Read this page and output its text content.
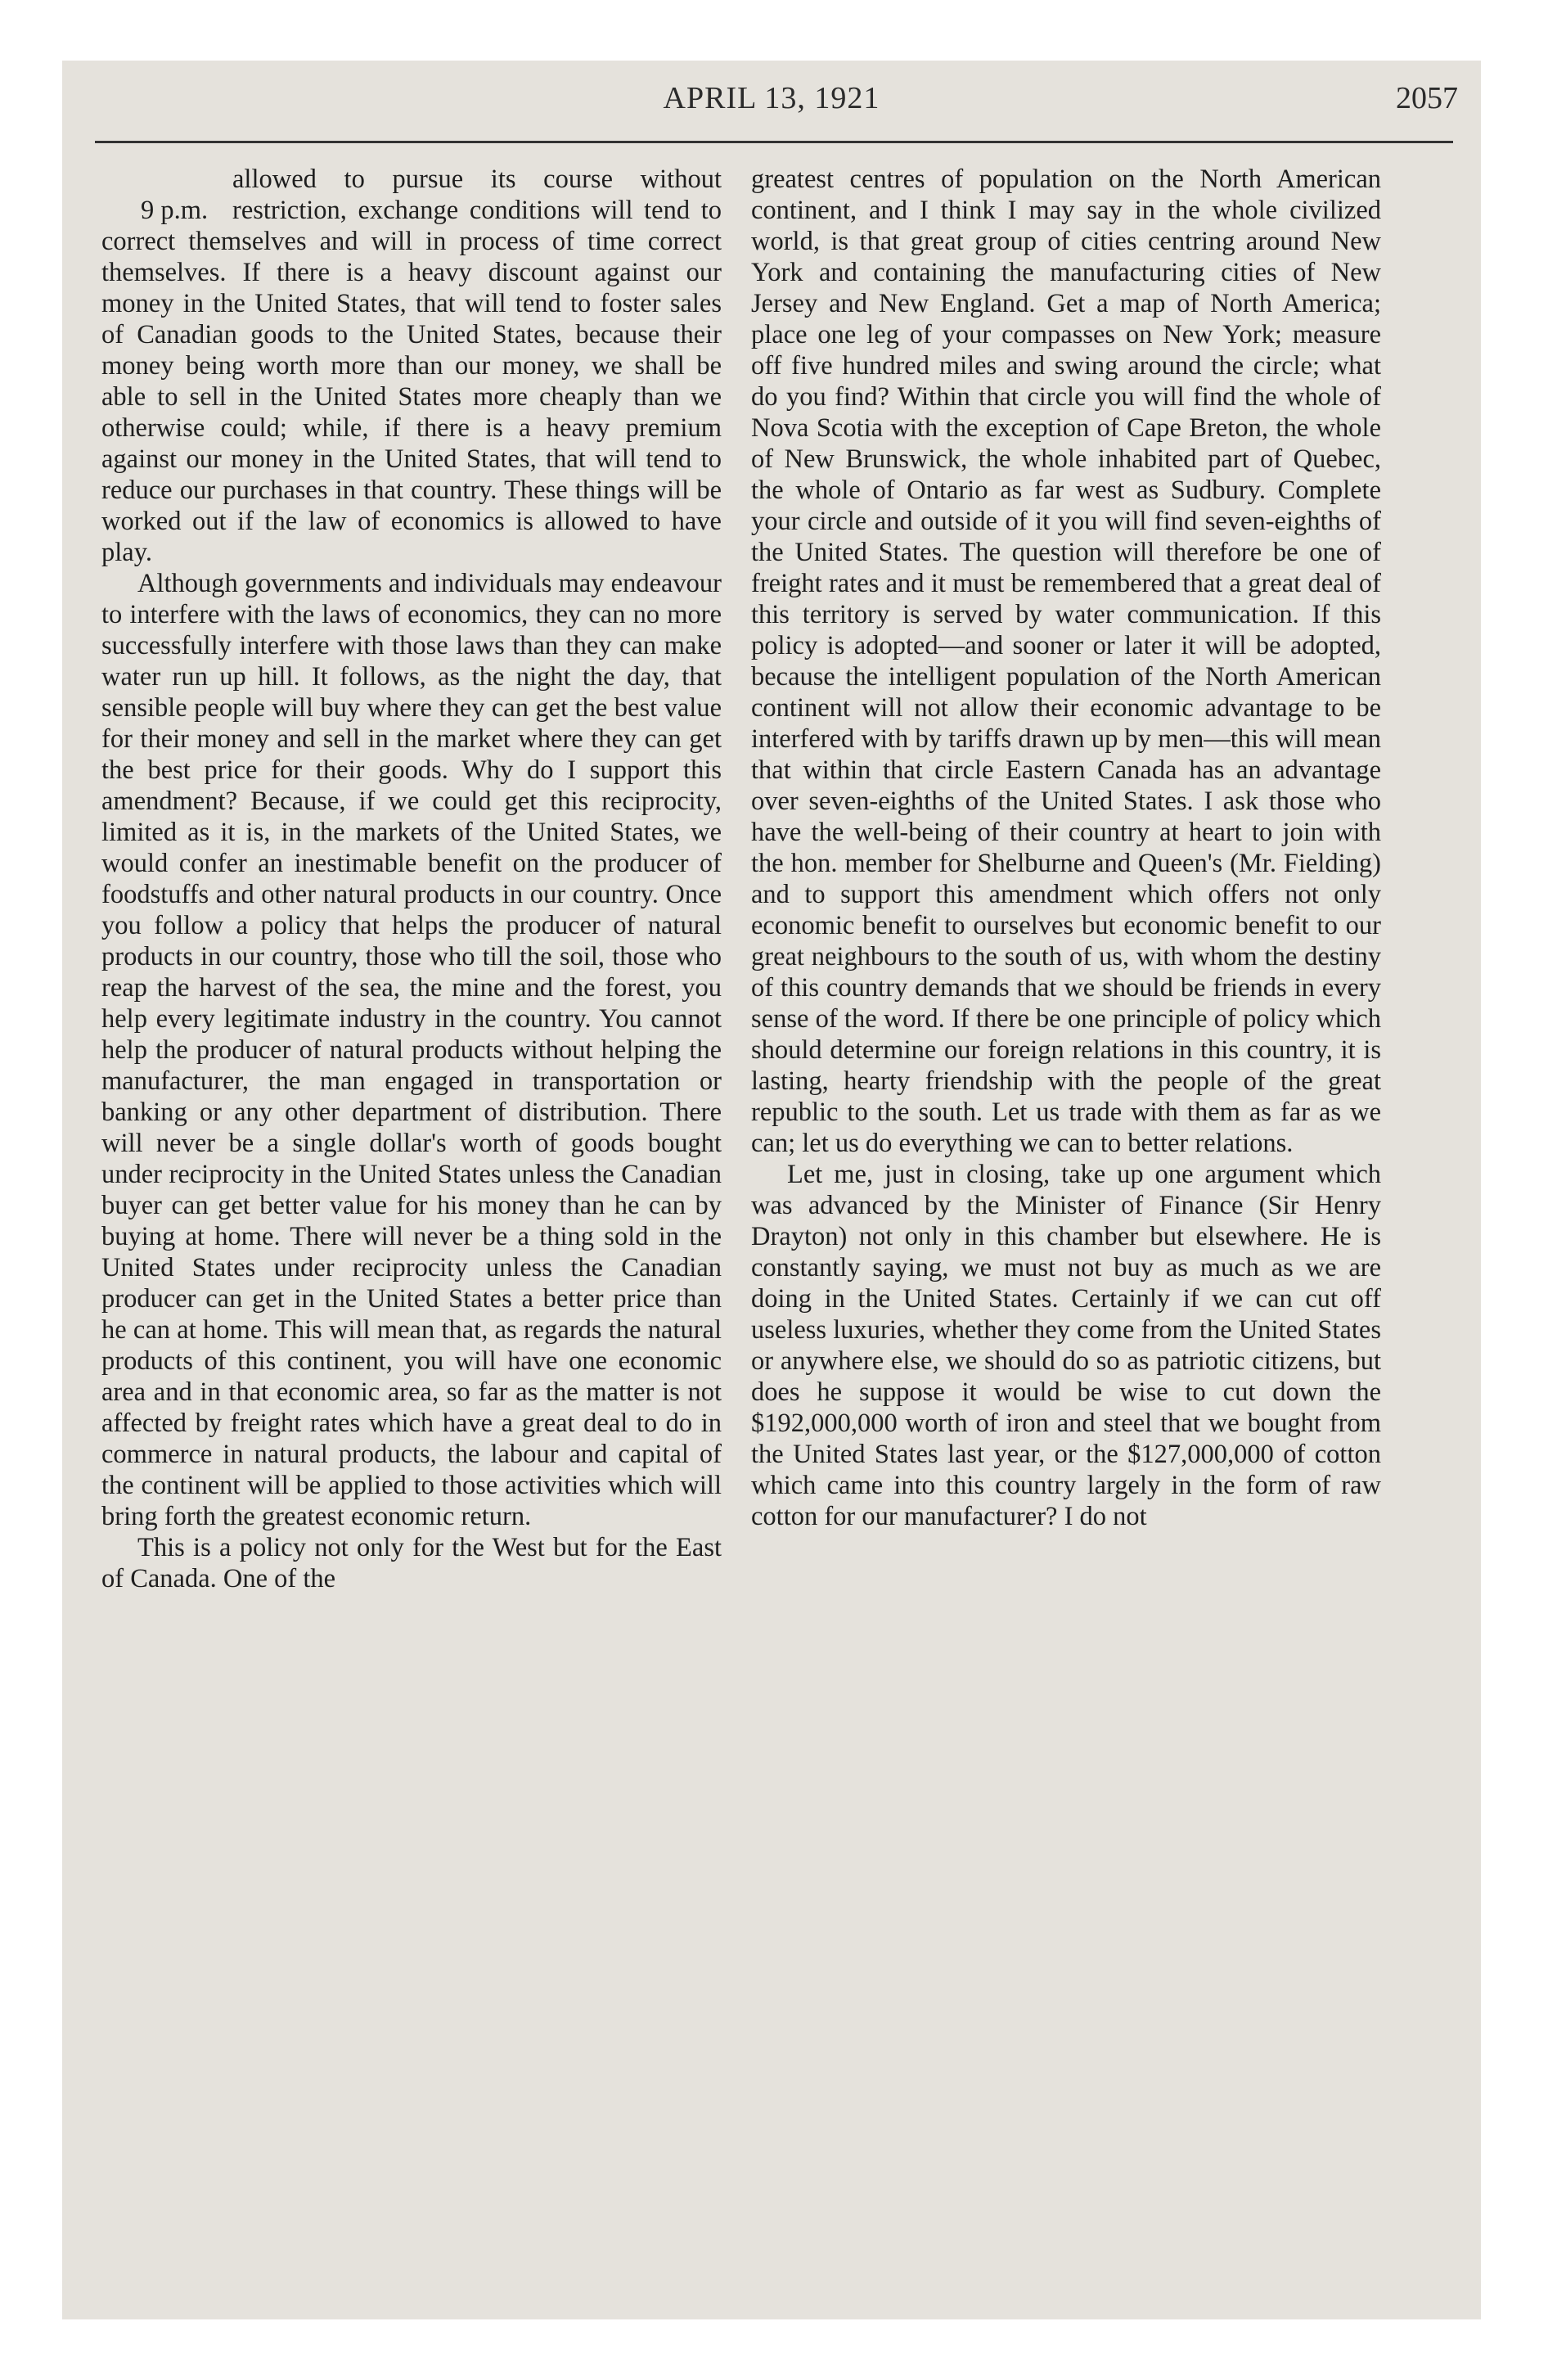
APRIL 13, 1921	2057

9 p.m.
allowed to pursue its course without restriction, exchange conditions will tend to correct themselves and will in process of time correct themselves. If there is a heavy discount against our money in the United States, that will tend to foster sales of Canadian goods to the United States, because their money being worth more than our money, we shall be able to sell in the United States more cheaply than we otherwise could; while, if there is a heavy premium against our money in the United States, that will tend to reduce our purchases in that country. These things will be worked out if the law of economics is allowed to have play.

Although governments and individuals may endeavour to interfere with the laws of economics, they can no more successfully interfere with those laws than they can make water run up hill. It follows, as the night the day, that sensible people will buy where they can get the best value for their money and sell in the market where they can get the best price for their goods. Why do I support this amendment? Because, if we could get this reciprocity, limited as it is, in the markets of the United States, we would confer an inestimable benefit on the producer of foodstuffs and other natural products in our country. Once you follow a policy that helps the producer of natural products in our country, those who till the soil, those who reap the harvest of the sea, the mine and the forest, you help every legitimate industry in the country. You cannot help the producer of natural products without helping the manufacturer, the man engaged in transportation or banking or any other department of distribution. There will never be a single dollar's worth of goods bought under reciprocity in the United States unless the Canadian buyer can get better value for his money than he can by buying at home. There will never be a thing sold in the United States under reciprocity unless the Canadian producer can get in the United States a better price than he can at home. This will mean that, as regards the natural products of this continent, you will have one economic area and in that economic area, so far as the matter is not affected by freight rates which have a great deal to do in commerce in natural products, the labour and capital of the continent will be applied to those activities which will bring forth the greatest economic return.

This is a policy not only for the West but for the East of Canada. One of the

greatest centres of population on the North American continent, and I think I may say in the whole civilized world, is that great group of cities centring around New York and containing the manufacturing cities of New Jersey and New England. Get a map of North America; place one leg of your compasses on New York; measure off five hundred miles and swing around the circle; what do you find? Within that circle you will find the whole of Nova Scotia with the exception of Cape Breton, the whole of New Brunswick, the whole inhabited part of Quebec, the whole of Ontario as far west as Sudbury. Complete your circle and outside of it you will find seven-eighths of the United States. The question will therefore be one of freight rates and it must be remembered that a great deal of this territory is served by water communication. If this policy is adopted—and sooner or later it will be adopted, because the intelligent population of the North American continent will not allow their economic advantage to be interfered with by tariffs drawn up by men—this will mean that within that circle Eastern Canada has an advantage over seven-eighths of the United States. I ask those who have the well-being of their country at heart to join with the hon. member for Shelburne and Queen's (Mr. Fielding) and to support this amendment which offers not only economic benefit to ourselves but economic benefit to our great neighbours to the south of us, with whom the destiny of this country demands that we should be friends in every sense of the word. If there be one principle of policy which should determine our foreign relations in this country, it is lasting, hearty friendship with the people of the great republic to the south. Let us trade with them as far as we can; let us do everything we can to better relations.

Let me, just in closing, take up one argument which was advanced by the Minister of Finance (Sir Henry Drayton) not only in this chamber but elsewhere. He is constantly saying, we must not buy as much as we are doing in the United States. Certainly if we can cut off useless luxuries, whether they come from the United States or anywhere else, we should do so as patriotic citizens, but does he suppose it would be wise to cut down the $192,000,000 worth of iron and steel that we bought from the United States last year, or the $127,000,000 of cotton which came into this country largely in the form of raw cotton for our manufacturer? I do not
